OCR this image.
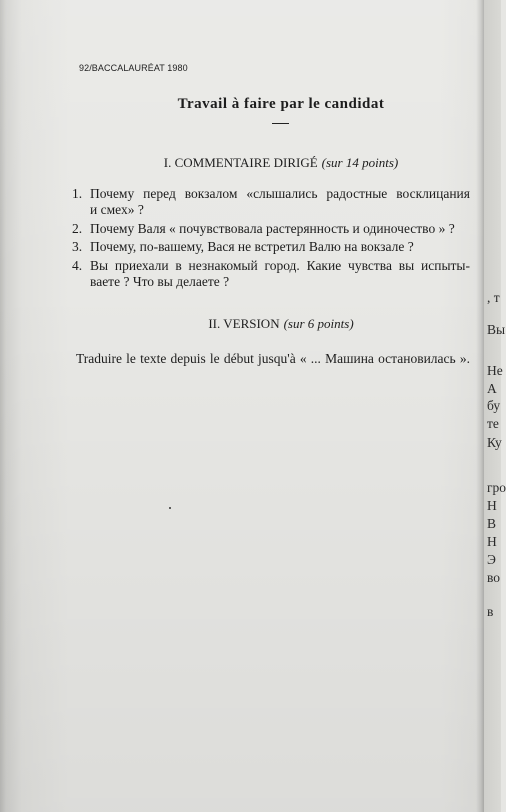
92/BACCALAURÉAT 1980
Travail à faire par le candidat
I. COMMENTAIRE DIRIGÉ (sur 14 points)
1. Почему перед вокзалом «слышались радостные восклицания
и смех» ?
2. Почему Валя « почувствовала растерянность и одиночество » ?
3. Почему, по-вашему, Вася не встретил Валю на вокзале ?
4. Вы приехали в незнакомый город. Какие чувства вы испыты-
ваете ? Что вы делаете ?
II. VERSION (sur 6 points)
Traduire le texte depuis le début jusqu'à « ... Машина остановилась ».
, т
Вы
Не
А
бу
те
Ку
гро
Н
В
Н
Э
во
в
